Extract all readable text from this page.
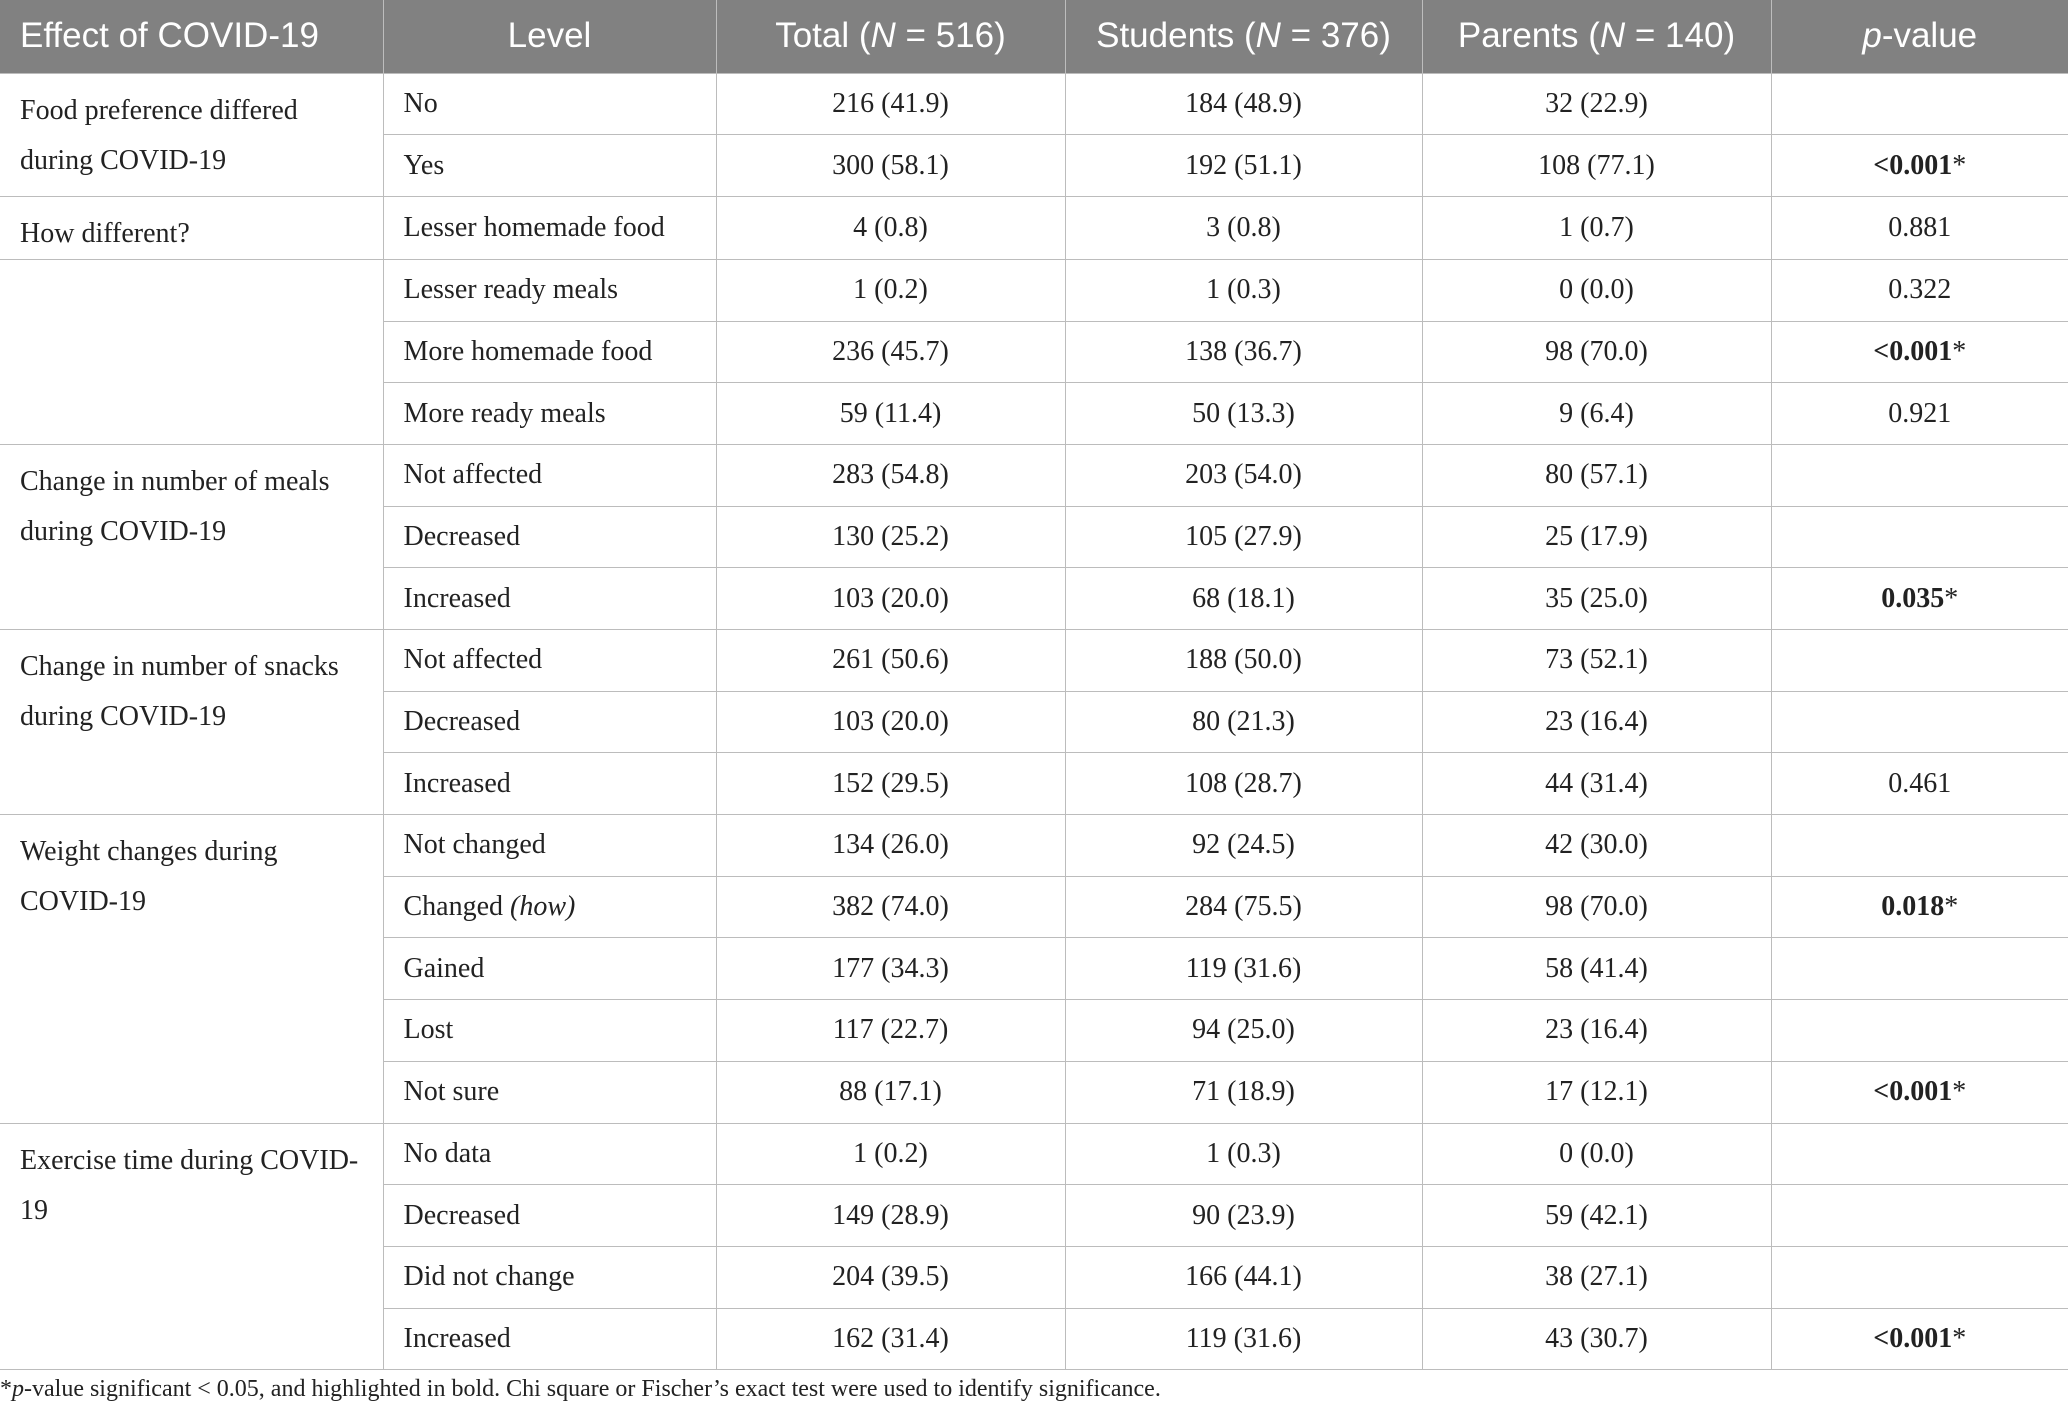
Effect of COVID-19	Level	Total (N = 516)	Students (N = 376)	Parents (N = 140)	p-value
Food preference differed during COVID-19	No	216 (41.9)	184 (48.9)	32 (22.9)	
	Yes	300 (58.1)	192 (51.1)	108 (77.1)	<0.001*
How different?	Lesser homemade food	4 (0.8)	3 (0.8)	1 (0.7)	0.881
	Lesser ready meals	1 (0.2)	1 (0.3)	0 (0.0)	0.322
	More homemade food	236 (45.7)	138 (36.7)	98 (70.0)	<0.001*
	More ready meals	59 (11.4)	50 (13.3)	9 (6.4)	0.921
Change in number of meals during COVID-19	Not affected	283 (54.8)	203 (54.0)	80 (57.1)	
	Decreased	130 (25.2)	105 (27.9)	25 (17.9)	
	Increased	103 (20.0)	68 (18.1)	35 (25.0)	0.035*
Change in number of snacks during COVID-19	Not affected	261 (50.6)	188 (50.0)	73 (52.1)	
	Decreased	103 (20.0)	80 (21.3)	23 (16.4)	
	Increased	152 (29.5)	108 (28.7)	44 (31.4)	0.461
Weight changes during COVID-19	Not changed	134 (26.0)	92 (24.5)	42 (30.0)	
	Changed (how)	382 (74.0)	284 (75.5)	98 (70.0)	0.018*
	Gained	177 (34.3)	119 (31.6)	58 (41.4)	
	Lost	117 (22.7)	94 (25.0)	23 (16.4)	
	Not sure	88 (17.1)	71 (18.9)	17 (12.1)	<0.001*
Exercise time during COVID-19	No data	1 (0.2)	1 (0.3)	0 (0.0)	
	Decreased	149 (28.9)	90 (23.9)	59 (42.1)	
	Did not change	204 (39.5)	166 (44.1)	38 (27.1)	
	Increased	162 (31.4)	119 (31.6)	43 (30.7)	<0.001*
*p-value significant < 0.05, and highlighted in bold. Chi square or Fischer’s exact test were used to identify significance.
